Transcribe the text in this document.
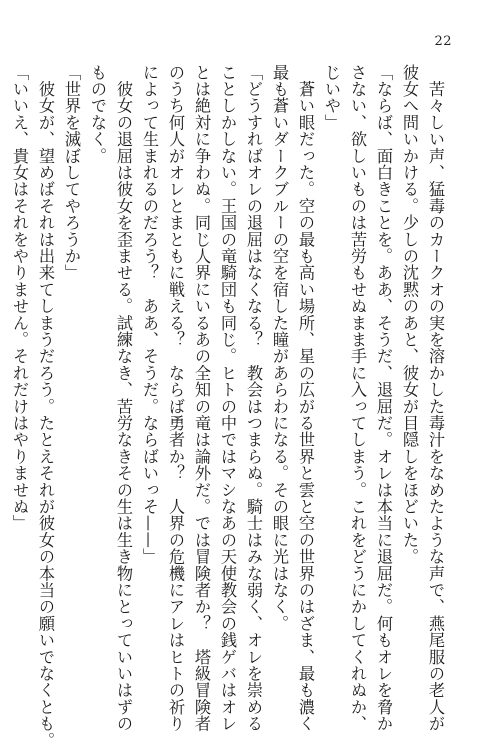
22

　苦々しい声、猛毒のカークオの実を溶かした毒汁をなめたような声で、燕尾服の老人が

彼女へ問いかける。少しの沈黙のあと、彼女が目隠しをほどいた。

「ならば、面白きことを。ああ、そうだ、退屈だ。オレは本当に退屈だ。何もオレを脅か

さない、欲しいものは苦労もせぬまま手に入ってしまう。これをどうにかしてくれぬか、

じいや」

　蒼い眼だった。空の最も高い場所、星の広がる世界と雲と空の世界のはざま、最も濃く

最も蒼いダークブルーの空を宿した瞳があらわになる。その眼に光はなく。

「どうすればオレの退屈はなくなる？　教会はつまらぬ。騎士はみな弱く、オレを崇める

ことしかしない。王国の竜騎団も同じ。ヒトの中ではマシなあの天使教会の銭ゲバはオレ

とは絶対に争わぬ。同じ人界にいるあの全知の竜は論外だ。では冒険者か？　塔級冒険者

のうち何人がオレとまともに戦える？　ならば勇者か？　人界の危機にアレはヒトの祈り

によって生まれるのだろう？　ああ、そうだ。ならばいっそ——」

　彼女の退屈は彼女を歪ませる。試練なき、苦労なきその生は生き物にとっていいはずの

ものでなく。

「世界を滅ぼしてやろうか」

　彼女が、望めばそれは出来てしまうだろう。たとえそれが彼女の本当の願いでなくとも。

「いいえ、貴女はそれをやりません。それだけはやりませぬ」
